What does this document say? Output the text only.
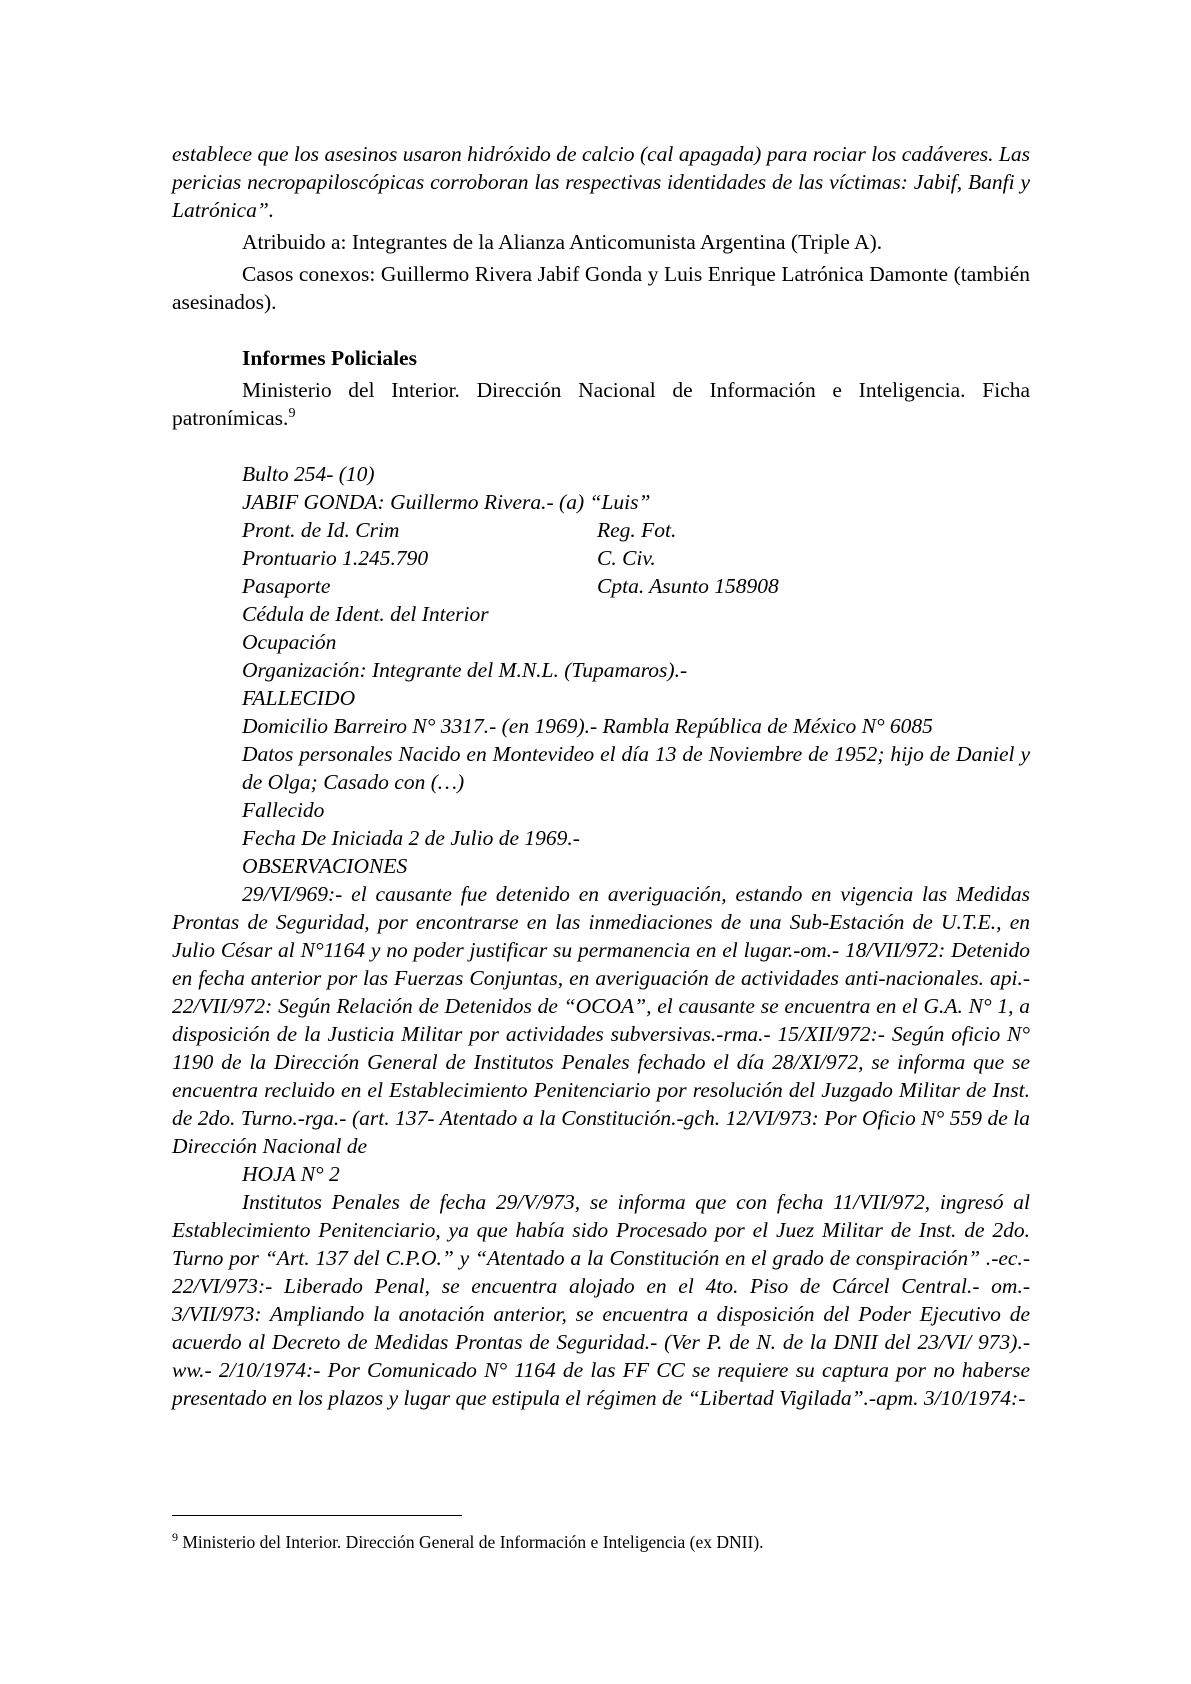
establece que los asesinos usaron hidróxido de calcio (cal apagada) para rociar los cadáveres. Las pericias necropapiloscópicas corroboran las respectivas identidades de las víctimas: Jabif, Banfi y Latrónica”.

Atribuido a: Integrantes de la Alianza Anticomunista Argentina (Triple A).

Casos conexos: Guillermo Rivera Jabif Gonda y Luis Enrique Latrónica Damonte (también asesinados).

Informes Policiales

Ministerio del Interior. Dirección Nacional de Información e Inteligencia. Ficha patronímicas.$^9$

Bulto 254- (10)
JABIF GONDA: Guillermo Rivera.- (a) “Luis”
Pront. de Id. Crim	Reg. Fot.
Prontuario 1.245.790	C. Civ.
Pasaporte	Cpta. Asunto 158908
Cédula de Ident. del Interior
Ocupación
Organización: Integrante del M.N.L. (Tupamaros).-
FALLECIDO
Domicilio Barreiro N° 3317.- (en 1969).- Rambla República de México N° 6085

Datos personales Nacido en Montevideo el día 13 de Noviembre de 1952; hijo de Daniel y de Olga; Casado con (…)

Fallecido
Fecha De Iniciada 2 de Julio de 1969.-
OBSERVACIONES

29/VI/969:- el causante fue detenido en averiguación, estando en vigencia las Medidas Prontas de Seguridad, por encontrarse en las inmediaciones de una Sub-Estación de U.T.E., en Julio César al N°1164 y no poder justificar su permanencia en el lugar.-om.- 18/VII/972: Detenido en fecha anterior por las Fuerzas Conjuntas, en averiguación de actividades anti-nacionales. api.- 22/VII/972: Según Relación de Detenidos de “OCOA”, el causante se encuentra en el G.A. N° 1, a disposición de la Justicia Militar por actividades subversivas.-rma.- 15/XII/972:- Según oficio N° 1190 de la Dirección General de Institutos Penales fechado el día 28/XI/972, se informa que se encuentra recluido en el Establecimiento Penitenciario por resolución del Juzgado Militar de Inst. de 2do. Turno.-rga.- (art. 137- Atentado a la Constitución.-gch. 12/VI/973: Por Oficio N° 559 de la Dirección Nacional de

HOJA N° 2

Institutos Penales de fecha 29/V/973, se informa que con fecha 11/VII/972, ingresó al Establecimiento Penitenciario, ya que había sido Procesado por el Juez Militar de Inst. de 2do. Turno por “Art. 137 del C.P.O.” y “Atentado a la Constitución en el grado de conspiración” .-ec.- 22/VI/973:- Liberado Penal, se encuentra alojado en el 4to. Piso de Cárcel Central.- om.- 3/VII/973: Ampliando la anotación anterior, se encuentra a disposición del Poder Ejecutivo de acuerdo al Decreto de Medidas Prontas de Seguridad.- (Ver P. de N. de la DNII del 23/VI/ 973).- ww.- 2/10/1974:- Por Comunicado N° 1164 de las FF CC se requiere su captura por no haberse presentado en los plazos y lugar que estipula el régimen de “Libertad Vigilada”.-apm. 3/10/1974:-

$^9$ Ministerio del Interior. Dirección General de Información e Inteligencia (ex DNII).
